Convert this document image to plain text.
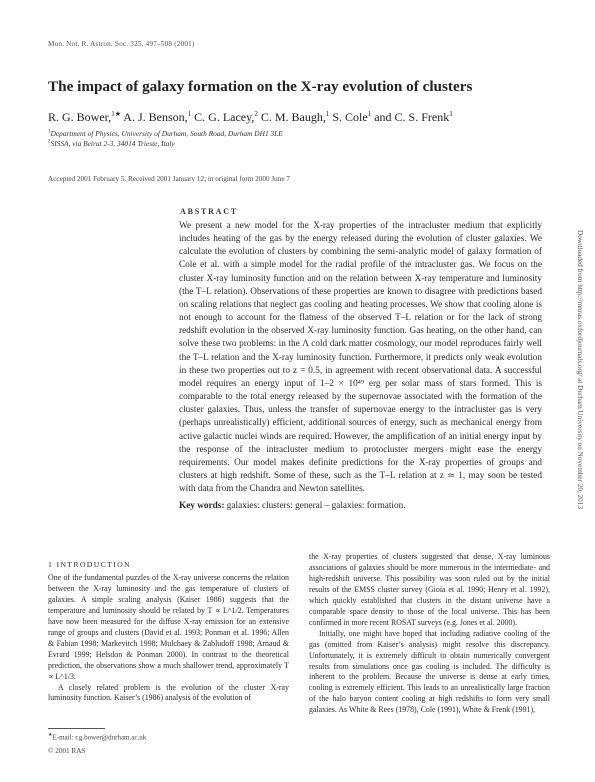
Mon. Not. R. Astron. Soc. 325, 497–508 (2001)
The impact of galaxy formation on the X-ray evolution of clusters
R. G. Bower,$^{1★}$ A. J. Benson,$^1$ C. G. Lacey,$^2$ C. M. Baugh,$^1$ S. Cole$^1$ and C. S. Frenk$^1$
$^1$Department of Physics, University of Durham, South Road, Durham DH1 3LE
$^2$SISSA, via Beirut 2-3, 34014 Trieste, Italy
Accepted 2001 February 5. Received 2001 January 12; in original form 2000 June 7
ABSTRACT
We present a new model for the X-ray properties of the intracluster medium that explicitly includes heating of the gas by the energy released during the evolution of cluster galaxies. We calculate the evolution of clusters by combining the semi-analytic model of galaxy formation of Cole et al. with a simple model for the radial profile of the intracluster gas. We focus on the cluster X-ray luminosity function and on the relation between X-ray temperature and luminosity (the T–L relation). Observations of these properties are known to disagree with predictions based on scaling relations that neglect gas cooling and heating processes. We show that cooling alone is not enough to account for the flatness of the observed T–L relation or for the lack of strong redshift evolution in the observed X-ray luminosity function. Gas heating, on the other hand, can solve these two problems: in the Λ cold dark matter cosmology, our model reproduces fairly well the T–L relation and the X-ray luminosity function. Furthermore, it predicts only weak evolution in these two properties out to z = 0.5, in agreement with recent observational data. A successful model requires an energy input of 1–2 × 10⁴⁹ erg per solar mass of stars formed. This is comparable to the total energy released by the supernovae associated with the formation of the cluster galaxies. Thus, unless the transfer of supernovae energy to the intracluster gas is very (perhaps unrealistically) efficient, additional sources of energy, such as mechanical energy from active galactic nuclei winds are required. However, the amplification of an initial energy input by the response of the intracluster medium to protocluster mergers might ease the energy requirements. Our model makes definite predictions for the X-ray properties of groups and clusters at high redshift. Some of these, such as the T–L relation at z ≃ 1, may soon be tested with data from the Chandra and Newton satellites.
Key words: galaxies: clusters: general – galaxies: formation.	Downloaded from http://mnras.oxfordjournals.org/ at Durham University on November 20, 2013
1 INTRODUCTION

One of the fundamental puzzles of the X-ray universe concerns the relation between the X-ray luminosity and the gas temperature of clusters of galaxies. A simple scaling analysis (Kaiser 1986) suggests that the temperature and luminosity should be related by T ∝ L^1/2. Temperatures have now been measured for the diffuse X-ray emission for an extensive range of groups and clusters (David et al. 1993; Ponman et al. 1996; Allen & Fabian 1998; Markevitch 1998; Mulchaey & Zabludoff 1998; Arnaud & Evrard 1999; Helsdon & Ponman 2000). In contrast to the theoretical prediction, the observations show a much shallower trend, approximately T ∝ L^1/3.

A closely related problem is the evolution of the cluster X-ray luminosity function. Kaiser’s (1986) analysis of the evolution of

the X-ray properties of clusters suggested that dense, X-ray luminous associations of galaxies should be more numerous in the intermediate- and high-redshift universe. This possibility was soon ruled out by the initial results of the EMSS cluster survey (Gioia et al. 1990; Henry et al. 1992), which quickly established that clusters in the distant universe have a comparable space density to those of the local universe. This has been confirmed in more recent ROSAT surveys (e.g. Jones et al. 2000).

Initially, one might have hoped that including radiative cooling of the gas (omitted from Kaiser’s analysis) might resolve this discrepancy. Unfortunately, it is extremely difficult to obtain numerically convergent results from simulations once gas cooling is included. The difficulty is inherent to the problem. Because the universe is dense at early times, cooling is extremely efficient. This leads to an unrealistically large fraction of the halo baryon content cooling at high redshifts to form very small galaxies. As White & Rees (1978), Cole (1991), White & Frenk (1991),

★E-mail: r.g.bower@durham.ac.uk
© 2001 RAS
